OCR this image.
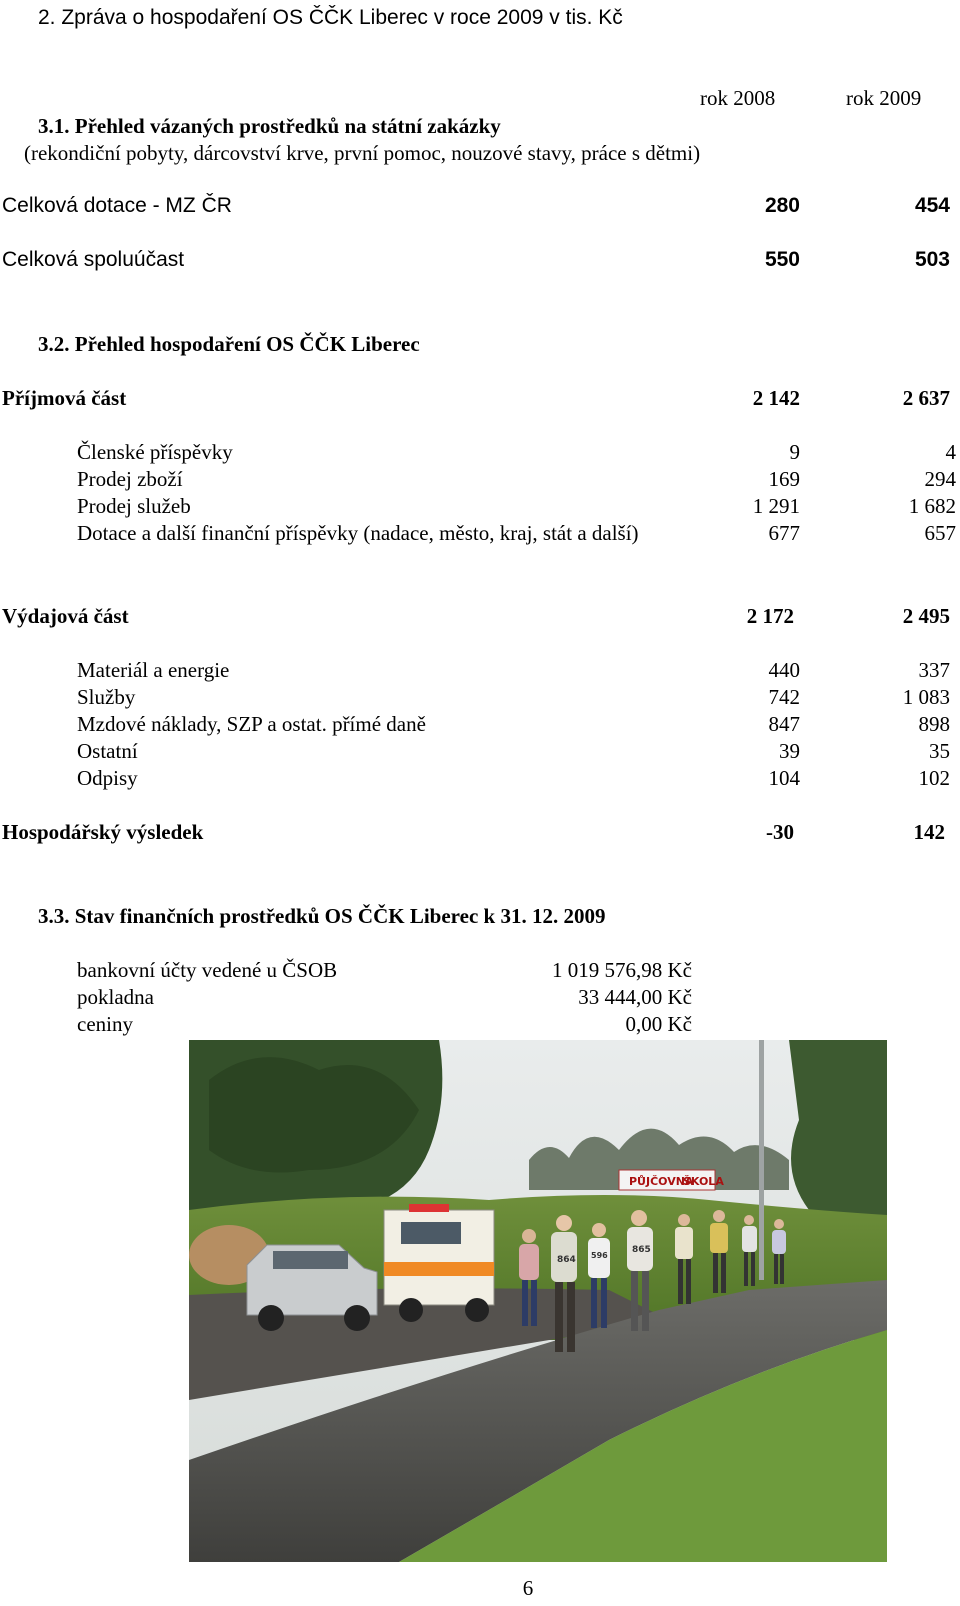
2. Zpráva o hospodaření OS ČČK Liberec v roce 2009 v tis. Kč
rok 2008	rok 2009
3.1. Přehled vázaných prostředků na státní zakázky
(rekondiční pobyty, dárcovství krve, první pomoc, nouzové stavy, práce s dětmi)
Celková dotace - MZ ČR	280	454
Celková spoluúčast	550	503
3.2. Přehled hospodaření OS ČČK Liberec
Příjmová část	2 142	2 637
Členské příspěvky	9	4
Prodej zboží	169	294
Prodej služeb	1 291	1 682
Dotace a další finanční příspěvky (nadace, město, kraj, stát a další)	677	657
Výdajová část	2 172	2 495
Materiál a energie	440	337
Služby	742	1 083
Mzdové náklady, SZP a ostat. přímé daně	847	898
Ostatní	39	35
Odpisy	104	102
Hospodářský výsledek	-30	142
3.3. Stav finančních prostředků OS ČČK Liberec k 31. 12. 2009
bankovní účty vedené u ČSOB	1 019 576,98 Kč
pokladna	33 444,00 Kč
ceniny	0,00 Kč
PŮJČOVNA
ŠKOLA
864
865
596
6
